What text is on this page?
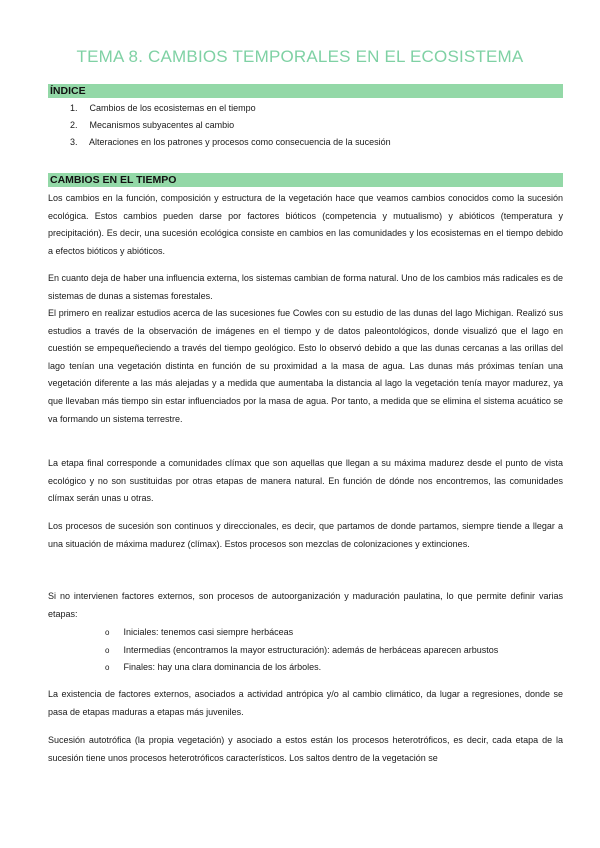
TEMA 8. CAMBIOS TEMPORALES EN EL ECOSISTEMA
ÍNDICE
1. Cambios de los ecosistemas en el tiempo
2. Mecanismos subyacentes al cambio
3. Alteraciones en los patrones y procesos como consecuencia de la sucesión
CAMBIOS EN EL TIEMPO
Los cambios en la función, composición y estructura de la vegetación hace que veamos cambios conocidos como la sucesión ecológica. Estos cambios pueden darse por factores bióticos (competencia y mutualismo) y abióticos (temperatura y precipitación). Es decir, una sucesión ecológica consiste en cambios en las comunidades y los ecosistemas en el tiempo debido a efectos bióticos y abióticos.
En cuanto deja de haber una influencia externa, los sistemas cambian de forma natural. Uno de los cambios más radicales es de sistemas de dunas a sistemas forestales.
El primero en realizar estudios acerca de las sucesiones fue Cowles con su estudio de las dunas del lago Michigan. Realizó sus estudios a través de la observación de imágenes en el tiempo y de datos paleontológicos, donde visualizó que el lago en cuestión se empequeñeciendo a través del tiempo geológico. Esto lo observó debido a que las dunas cercanas a las orillas del lago tenían una vegetación distinta en función de su proximidad a la masa de agua. Las dunas más próximas tenían una vegetación diferente a las más alejadas y a medida que aumentaba la distancia al lago la vegetación tenía mayor madurez, ya que llevaban más tiempo sin estar influenciados por la masa de agua. Por tanto, a medida que se elimina el sistema acuático se va formando un sistema terrestre.
La etapa final corresponde a comunidades clímax que son aquellas que llegan a su máxima madurez desde el punto de vista ecológico y no son sustituidas por otras etapas de manera natural. En función de dónde nos encontremos, las comunidades clímax serán unas u otras.
Los procesos de sucesión son continuos y direccionales, es decir, que partamos de donde partamos, siempre tiende a llegar a una situación de máxima madurez (clímax). Estos procesos son mezclas de colonizaciones y extinciones.
Si no intervienen factores externos, son procesos de autoorganización y maduración paulatina, lo que permite definir varias etapas:
o Iniciales: tenemos casi siempre herbáceas
o Intermedias (encontramos la mayor estructuración): además de herbáceas aparecen arbustos
o Finales: hay una clara dominancia de los árboles.
La existencia de factores externos, asociados a actividad antrópica y/o al cambio climático, da lugar a regresiones, donde se pasa de etapas maduras a etapas más juveniles.
Sucesión autotrófica (la propia vegetación) y asociado a estos están los procesos heterotróficos, es decir, cada etapa de la sucesión tiene unos procesos heterotróficos característicos. Los saltos dentro de la vegetación se
